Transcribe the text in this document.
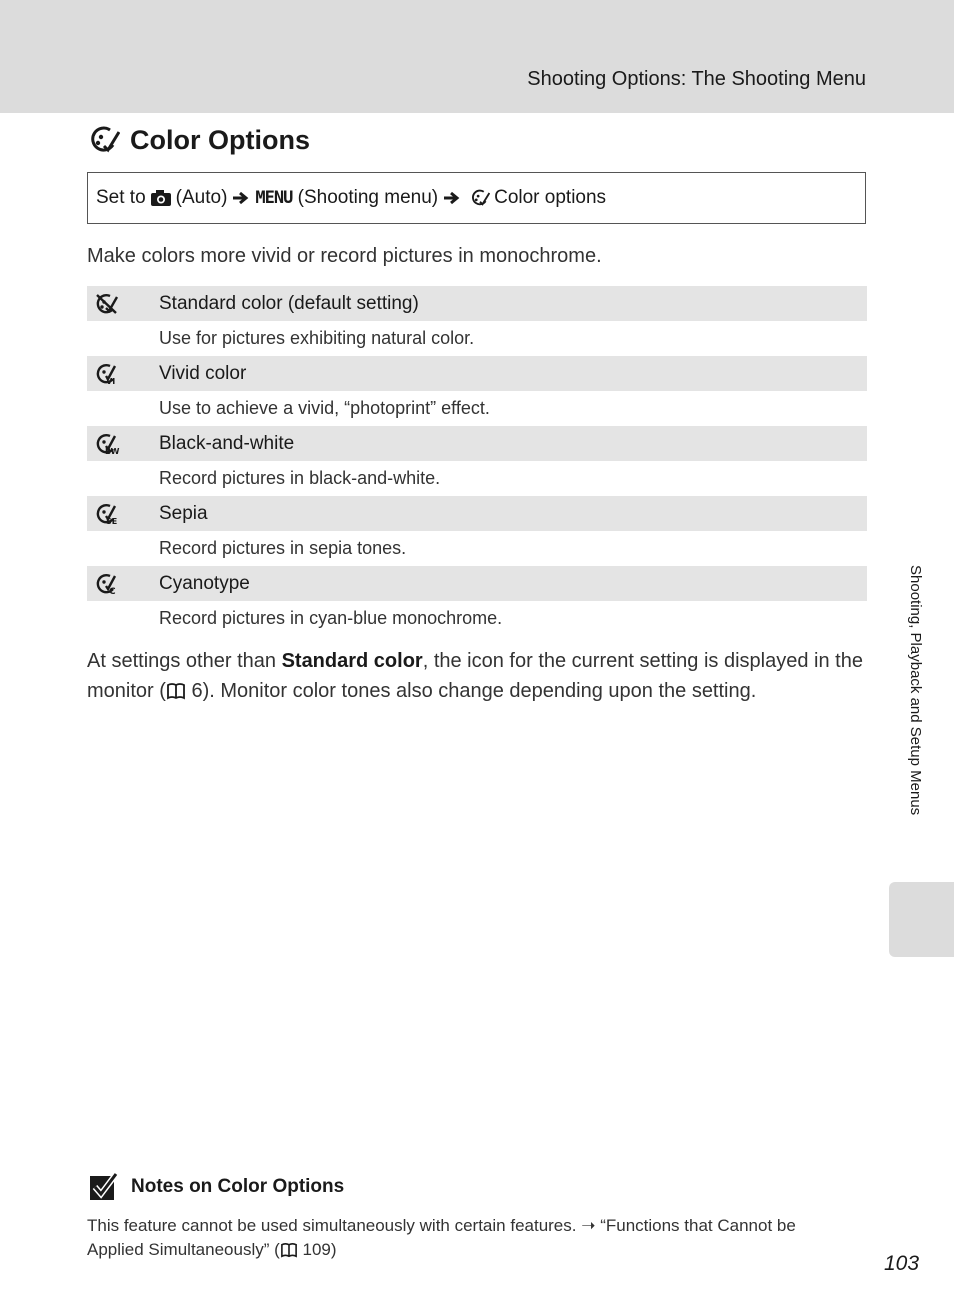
Shooting Options: The Shooting Menu
Color Options
Set to (Auto) MENU
(Shooting menu)	Color options
Make colors more vivid or record pictures in monochrome.
Standard color (default setting)
Use for pictures exhibiting natural color.
VI Vivid color
Use to achieve a vivid, “photoprint” effect.
BW Black-and-white
Record pictures in black-and-white.
SE Sepia
Record pictures in sepia tones.
C Cyanotype
Record pictures in cyan-blue monochrome.
At settings other than Standard color, the icon for the current setting is displayed in the monitor ( 6). Monitor color tones also change depending upon the setting.	Shooting, Playback and Setup Menus
Notes on Color Options
This feature cannot be used simultaneously with certain features. ➝ “Functions that Cannot be Applied Simultaneously” ( 109)
103
